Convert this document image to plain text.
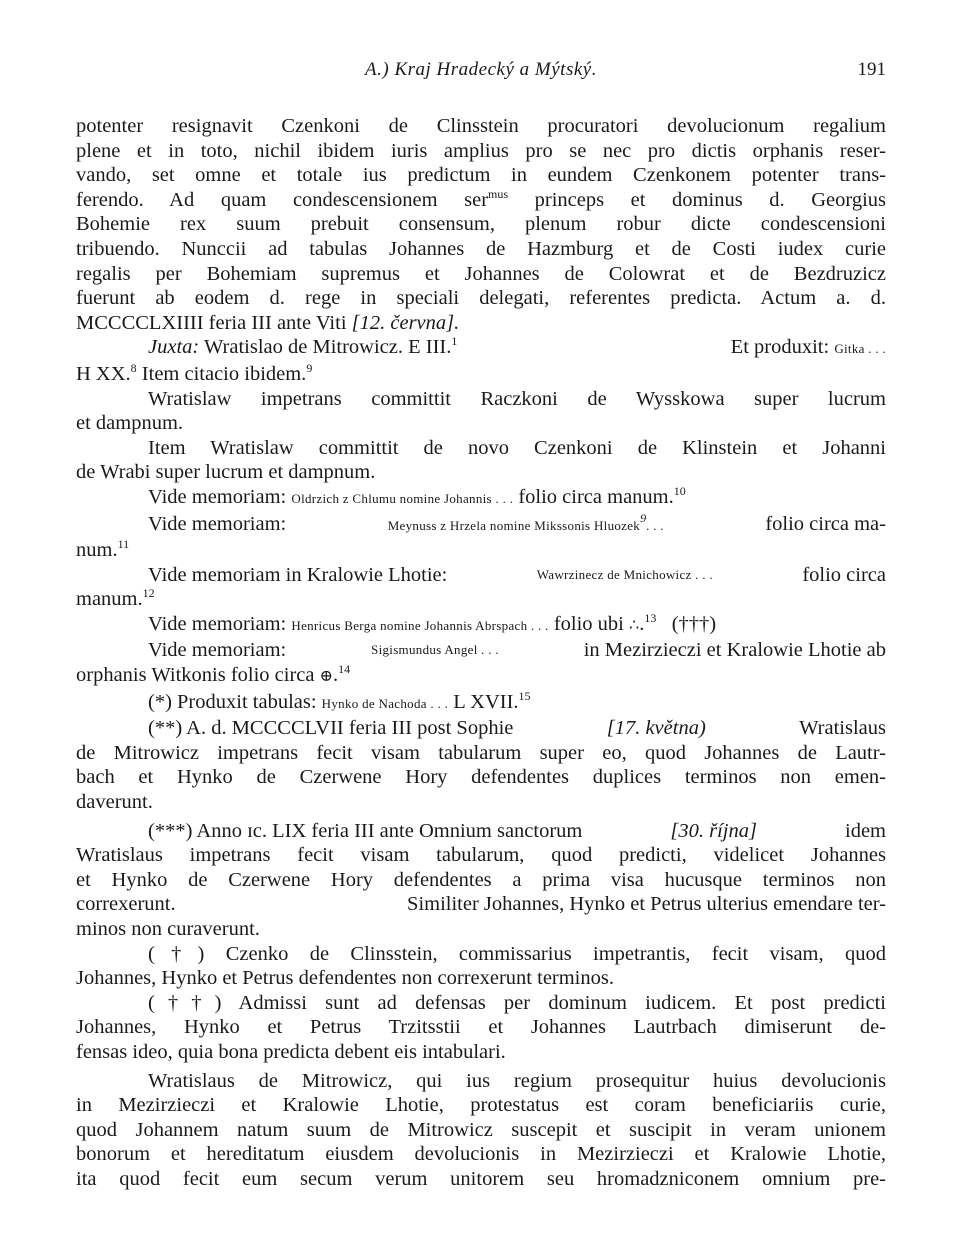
A.) Kraj Hradecký a Mýtský.	191
potenter resignavit Czenkoni de Clinsstein procuratori devolucionum regalium
plene et in toto, nichil ibidem iuris amplius pro se nec pro dictis orphanis reser-
vando, set omne et totale ius predictum in eundem Czenkonem potenter trans-
ferendo. Ad quam condescensionem ser$^{mus}$ princeps et dominus d. Georgius
Bohemie rex suum prebuit consensum, plenum robur dicte condescensioni
tribuendo. Nunccii ad tabulas Johannes de Hazmburg et de Costi iudex curie
regalis per Bohemiam supremus et Johannes de Colowrat et de Bezdruzicz
fuerunt ab eodem d. rege in speciali delegati, referentes predicta. Actum a. d.
MCCCCLXIIII feria III ante Viti [12. června].
Juxta: Wratislao de Mitrowicz. E III.$^1$	Et produxit: Gitka . . .
H XX.$^8$ Item citacio ibidem.$^9$
Wratislaw impetrans committit Raczkoni de Wysskowa super lucrum
et dampnum.
Item Wratislaw committit de novo Czenkoni de Klinstein et Johanni
de Wrabi super lucrum et dampnum.
Vide memoriam: Oldrzich z Chlumu nomine Johannis . . . folio circa manum.$^{10}$
Vide memoriam:	Meynuss z Hrzela nomine Mikssonis Hluozek$^9$. . .	folio circa ma-
num.$^{11}$
Vide memoriam in Kralowie Lhotie:	Wawrzinecz de Mnichowicz . . .	folio circa
manum.$^{12}$
Vide memoriam: Henricus Berga nomine Johannis Abrspach . . . folio ubi ∴.$^{13}$ (†††)
Vide memoriam:	Sigismundus Angel . . .	in Mezirzieczi et Kralowie Lhotie ab
orphanis Witkonis folio circa ⊕.$^{14}$
(*) Produxit tabulas: Hynko de Nachoda . . . L XVII.$^{15}$
(**) A. d. MCCCCLVII feria III post Sophie	[17. května)	Wratislaus
de Mitrowicz impetrans fecit visam tabularum super eo, quod Johannes de Lautr-
bach et Hynko de Czerwene Hory defendentes duplices terminos non emen-
daverunt.
(***) Anno ɪc. LIX feria III ante Omnium sanctorum	[30. října]	idem
Wratislaus impetrans fecit visam tabularum, quod predicti, videlicet Johannes
et Hynko de Czerwene Hory defendentes a prima visa hucusque terminos non
correxerunt.	Similiter Johannes, Hynko et Petrus ulterius emendare ter-
minos non curaverunt.
(†) Czenko de Clinsstein, commissarius impetrantis, fecit visam, quod
Johannes, Hynko et Petrus defendentes non correxerunt terminos.
(††) Admissi sunt ad defensas per dominum iudicem. Et post predicti
Johannes, Hynko et Petrus Trzitsstii et Johannes Lautrbach dimiserunt de-
fensas ideo, quia bona predicta debent eis intabulari.
Wratislaus de Mitrowicz, qui ius regium prosequitur huius devolucionis
in Mezirzieczi et Kralowie Lhotie, protestatus est coram beneficiariis curie,
quod Johannem natum suum de Mitrowicz suscepit et suscipit in veram unionem
bonorum et hereditatum eiusdem devolucionis in Mezirzieczi et Kralowie Lhotie,
ita quod fecit eum secum verum unitorem seu hromadzniconem omnium pre-
